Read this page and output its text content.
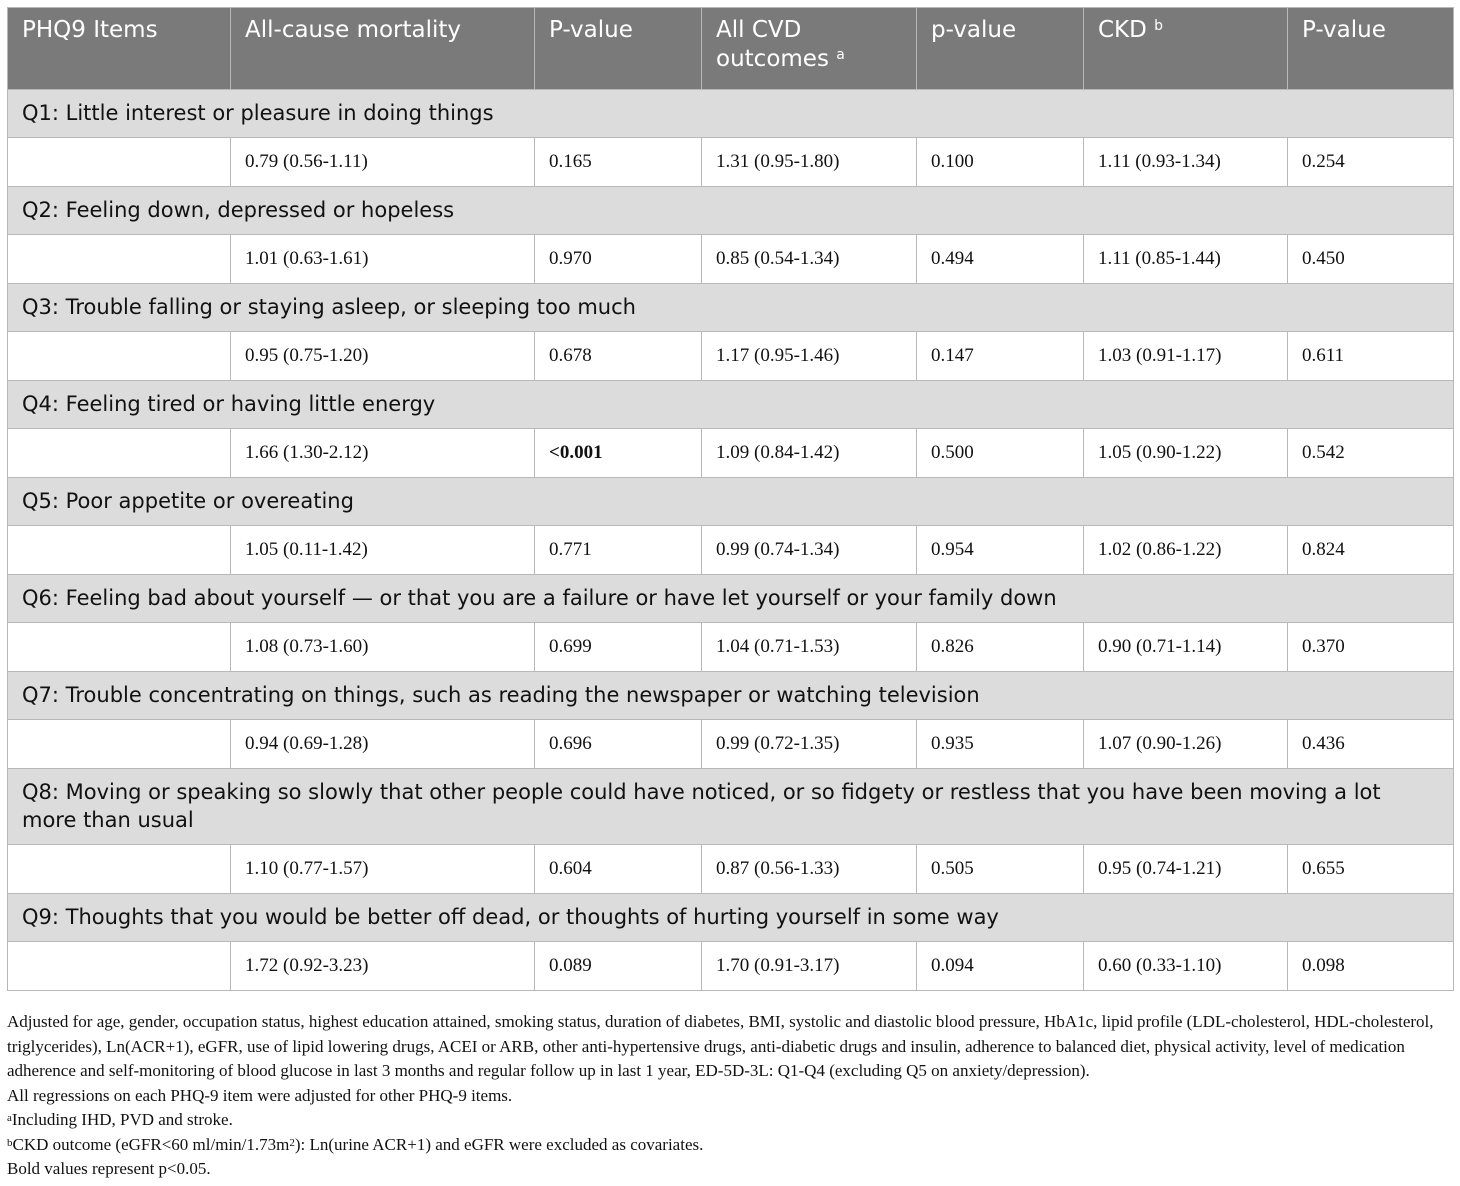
PHQ9 Items	All-cause mortality	P-value	All CVD outcomes $^a$	p-value	CKD $^b$	P-value
Q1: Little interest or pleasure in doing things						
	0.79 (0.56-1.11)	0.165	1.31 (0.95-1.80)	0.100	1.11 (0.93-1.34)	0.254
Q2: Feeling down, depressed or hopeless						
	1.01 (0.63-1.61)	0.970	0.85 (0.54-1.34)	0.494	1.11 (0.85-1.44)	0.450
Q3: Trouble falling or staying asleep, or sleeping too much						
	0.95 (0.75-1.20)	0.678	1.17 (0.95-1.46)	0.147	1.03 (0.91-1.17)	0.611
Q4: Feeling tired or having little energy						
	1.66 (1.30-2.12)	<0.001	1.09 (0.84-1.42)	0.500	1.05 (0.90-1.22)	0.542
Q5: Poor appetite or overeating						
	1.05 (0.11-1.42)	0.771	0.99 (0.74-1.34)	0.954	1.02 (0.86-1.22)	0.824
Q6: Feeling bad about yourself — or that you are a failure or have let yourself or your family down						
	1.08 (0.73-1.60)	0.699	1.04 (0.71-1.53)	0.826	0.90 (0.71-1.14)	0.370
Q7: Trouble concentrating on things, such as reading the newspaper or watching television						
	0.94 (0.69-1.28)	0.696	0.99 (0.72-1.35)	0.935	1.07 (0.90-1.26)	0.436
Q8: Moving or speaking so slowly that other people could have noticed, or so fidgety or restless that you have been moving a lot more than usual						
	1.10 (0.77-1.57)	0.604	0.87 (0.56-1.33)	0.505	0.95 (0.74-1.21)	0.655
Q9: Thoughts that you would be better off dead, or thoughts of hurting yourself in some way						
	1.72 (0.92-3.23)	0.089	1.70 (0.91-3.17)	0.094	0.60 (0.33-1.10)	0.098

Adjusted for age, gender, occupation status, highest education attained, smoking status, duration of diabetes, BMI, systolic and diastolic blood pressure, HbA1c, lipid profile (LDL-cholesterol, HDL-cholesterol, triglycerides), Ln(ACR+1), eGFR, use of lipid lowering drugs, ACEI or ARB, other anti-hypertensive drugs, anti-diabetic drugs and insulin, adherence to balanced diet, physical activity, level of medication adherence and self-monitoring of blood glucose in last 3 months and regular follow up in last 1 year, ED-5D-3L: Q1-Q4 (excluding Q5 on anxiety/depression).

All regressions on each PHQ-9 item were adjusted for other PHQ-9 items.

$^a$Including IHD, PVD and stroke.

$^b$CKD outcome (eGFR<60 $ml/\min/1.73m^2$): Ln(urine ACR+1) and eGFR were excluded as covariates.

Bold values represent p<0.05.
